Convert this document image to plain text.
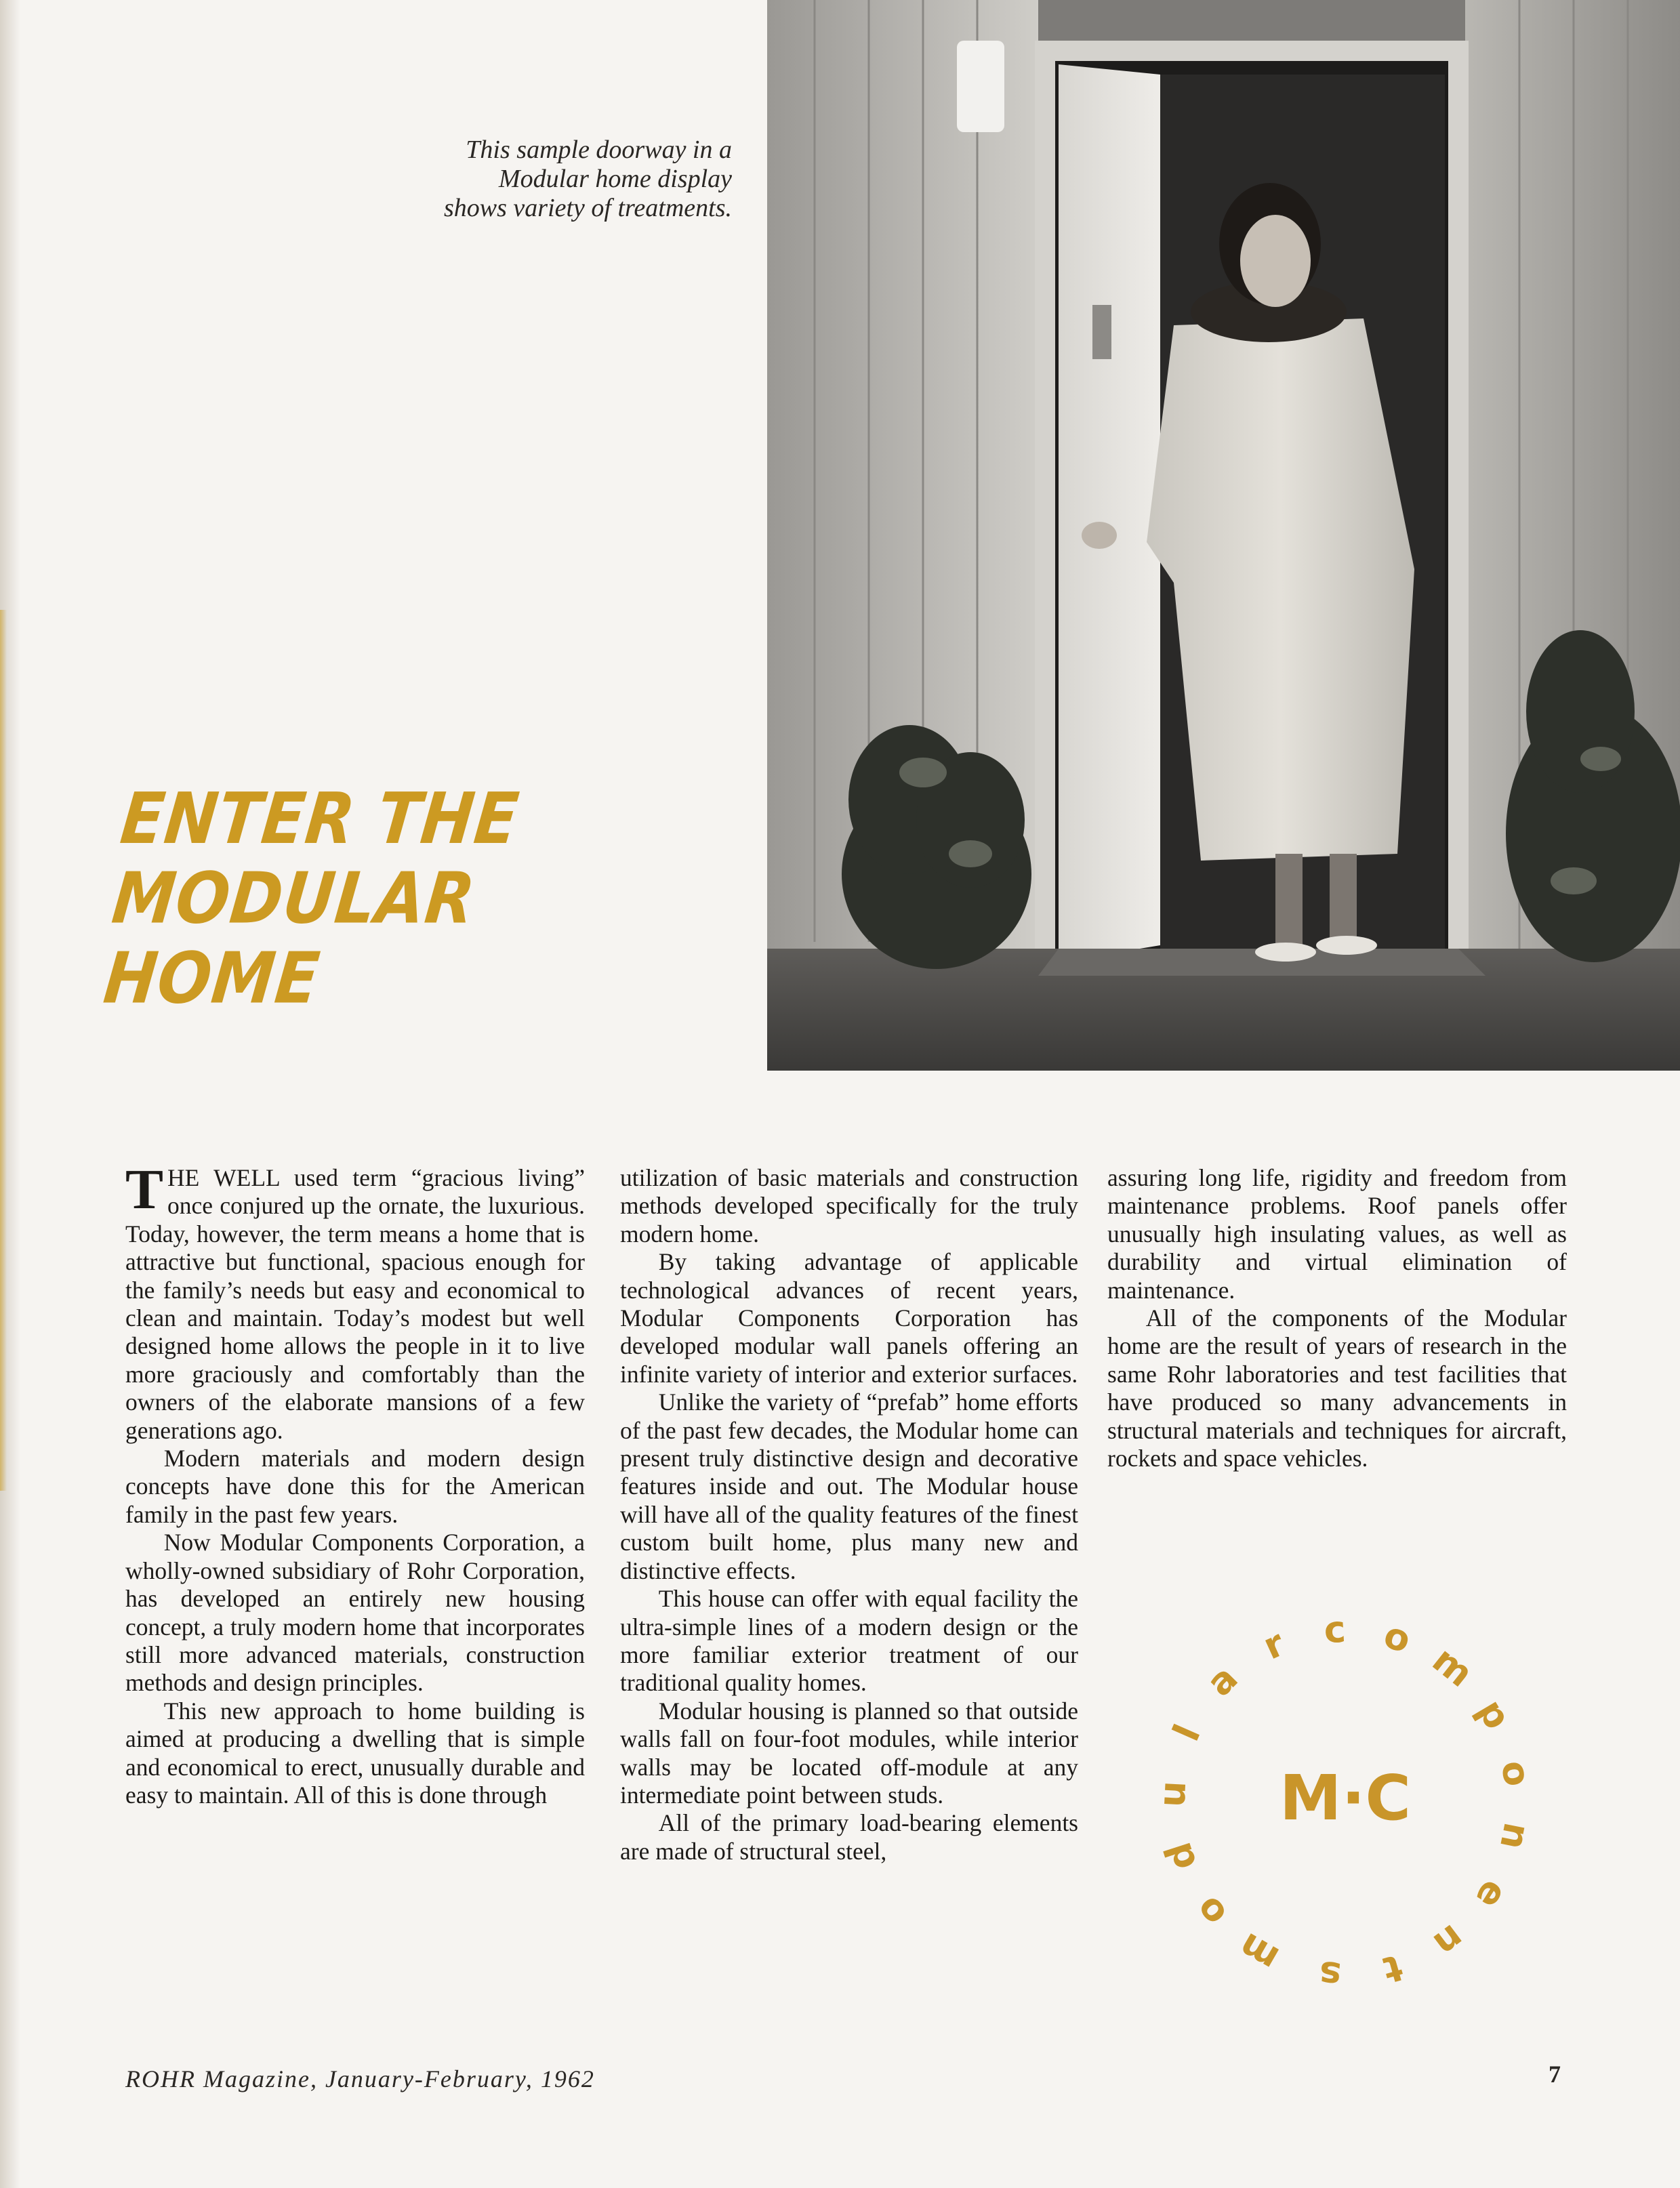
This sample doorway in a
Modular home display
shows variety of treatments.
ENTER THE
MODULAR
HOME

THE WELL used term “gracious living” once conjured up the ornate, the luxurious. Today, however, the term means a home that is attractive but functional, spacious enough for the family’s needs but easy and economical to clean and maintain. Today’s modest but well designed home allows the people in it to live more graciously and comfortably than the owners of the elaborate mansions of a few generations ago.

Modern materials and modern design concepts have done this for the American family in the past few years.

Now Modular Components Corporation, a wholly-owned subsidiary of Rohr Corporation, has developed an entirely new housing concept, a truly modern home that incorporates still more advanced materials, construction methods and design principles.

This new approach to home building is aimed at producing a dwelling that is simple and economical to erect, unusually durable and easy to maintain. All of this is done through

utilization of basic materials and construction methods developed specifically for the truly modern home.

By taking advantage of applicable technological advances of recent years, Modular Components Corporation has developed modular wall panels offering an infinite variety of interior and exterior surfaces.

Unlike the variety of “prefab” home efforts of the past few decades, the Modular home can present truly distinctive design and decorative features inside and out. The Modular house will have all of the quality features of the finest custom built home, plus many new and distinctive effects.

This house can offer with equal facility the ultra-simple lines of a modern design or the more familiar exterior treatment of our traditional quality homes.

Modular housing is planned so that outside walls fall on four-foot modules, while interior walls may be located off-module at any intermediate point between studs.

All of the primary load-bearing elements are made of structural steel,

assuring long life, rigidity and freedom from maintenance problems. Roof panels offer unusually high insulating values, as well as durability and virtual elimination of maintenance.

All of the components of the Modular home are the result of years of research in the same Rohr laboratories and test facilities that have produced so many advancements in structural materials and techniques for aircraft, rockets and space vehicles.

m
o
d
u
l
a
r c o
m
p
o
n
e
n
t
s
M·C
ROHR Magazine, January-February, 1962	7
